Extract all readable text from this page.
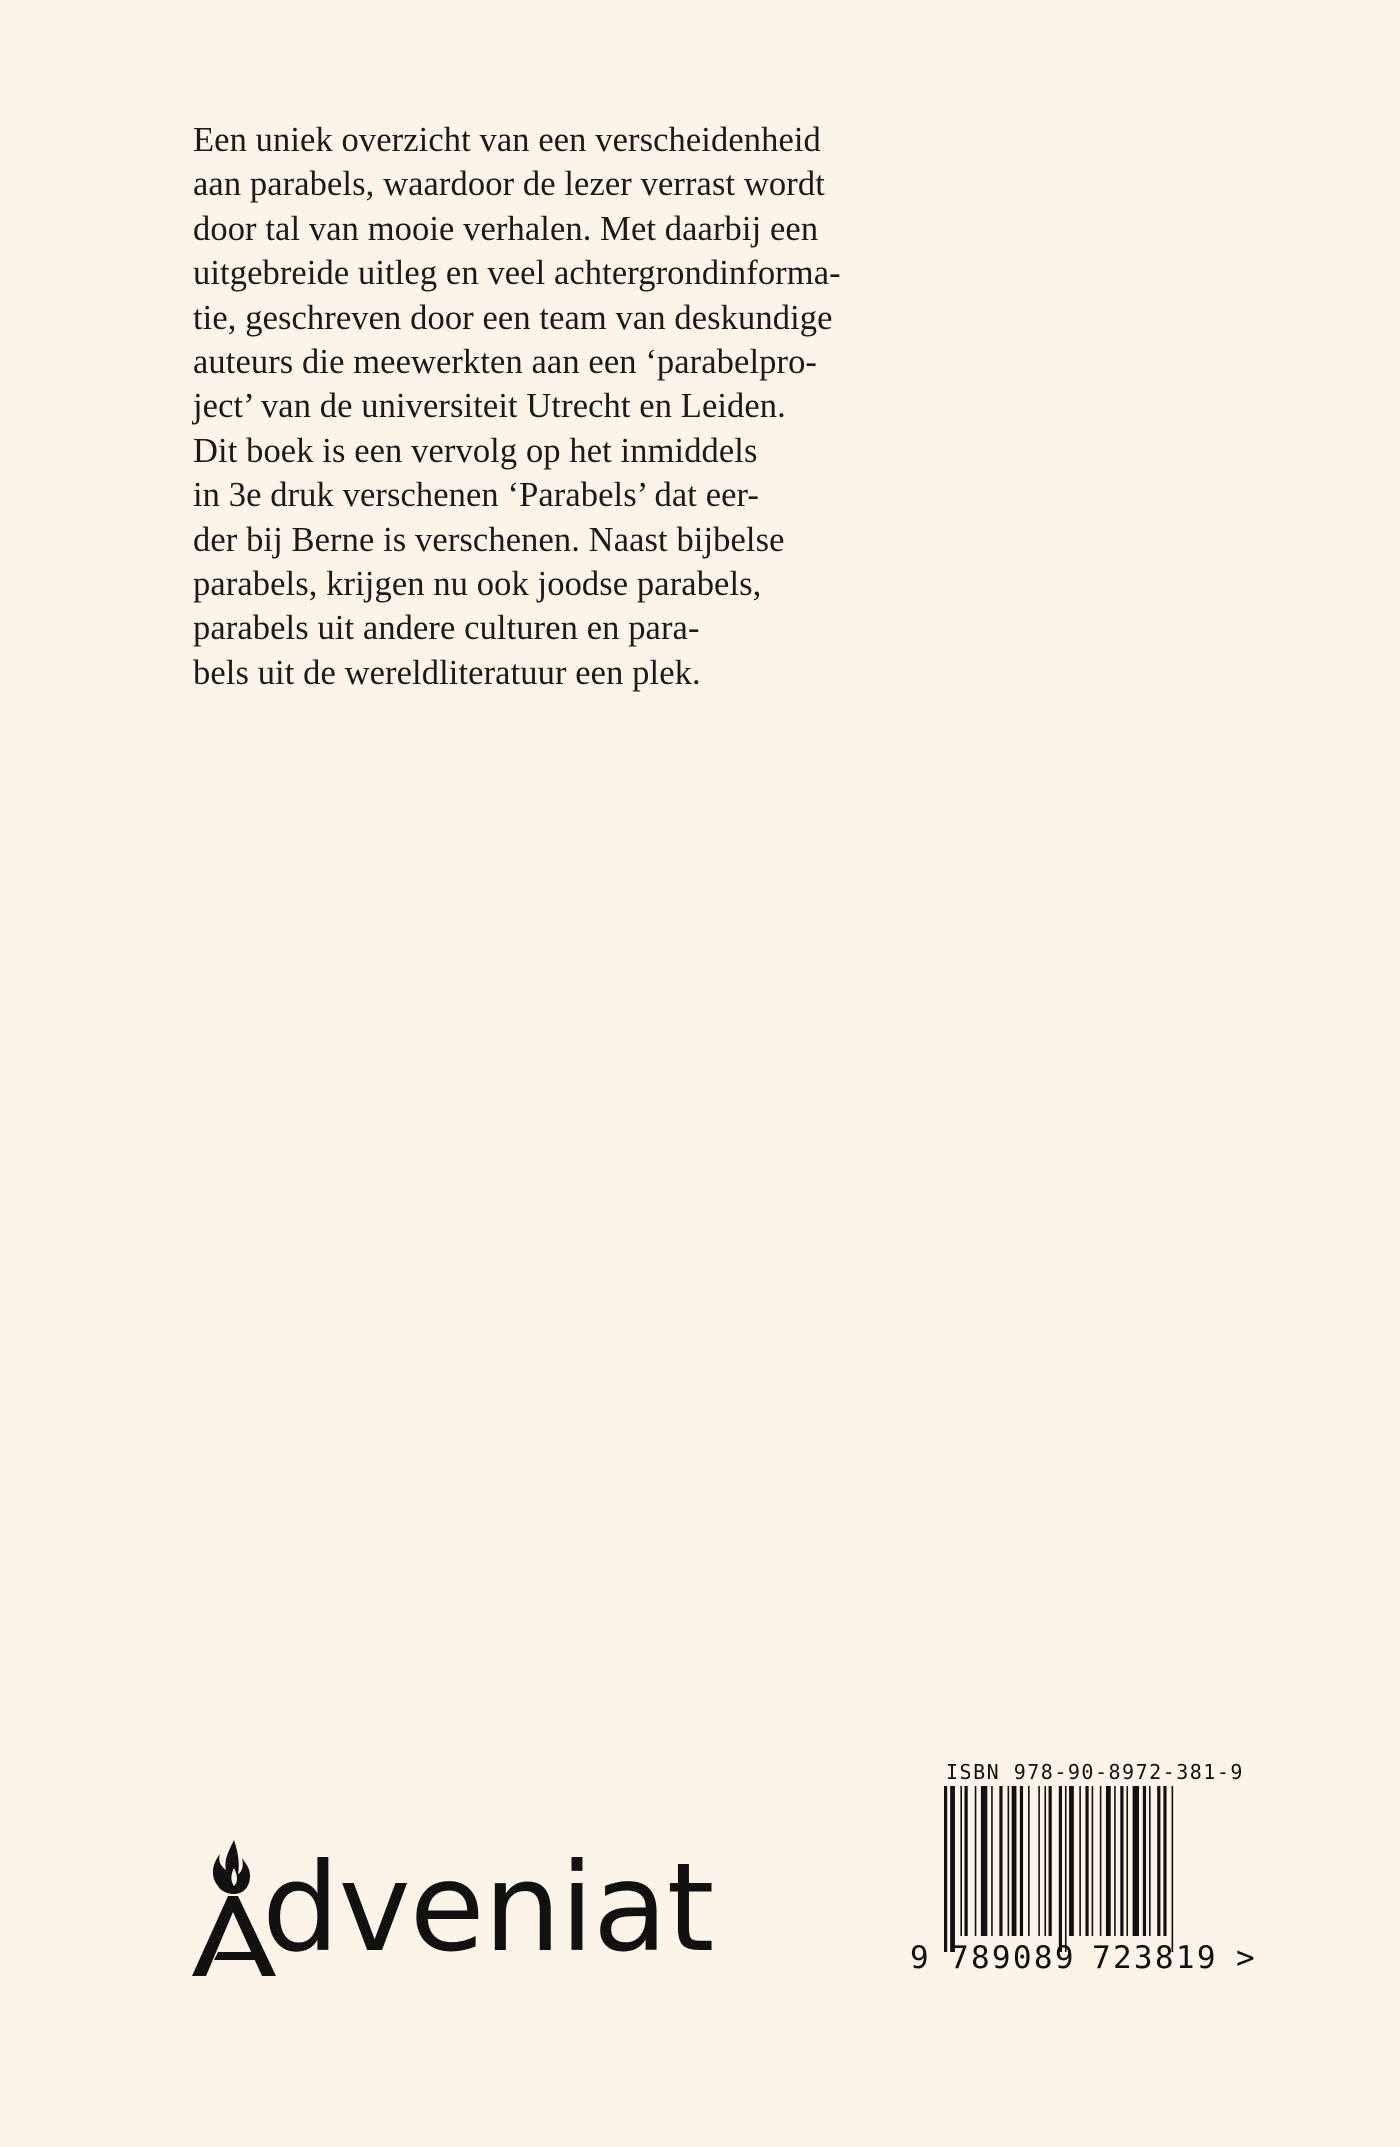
Een uniek overzicht van een verscheidenheid
aan parabels, waardoor de lezer verrast wordt
door tal van mooie verhalen. Met daarbij een
uitgebreide uitleg en veel achtergrondinforma-
tie, geschreven door een team van deskundige
auteurs die meewerkten aan een ‘parabelpro-
ject’ van de universiteit Utrecht en Leiden.
Dit boek is een vervolg op het inmiddels
in 3e druk verschenen ‘Parabels’ dat eer-
der bij Berne is verschenen. Naast bijbelse
parabels, krijgen nu ook joodse parabels,
parabels uit andere culturen en para-
bels uit de wereldliteratuur een plek.
dveniat
ISBN 978-90-8972-381-9
9 789089 723819 >
